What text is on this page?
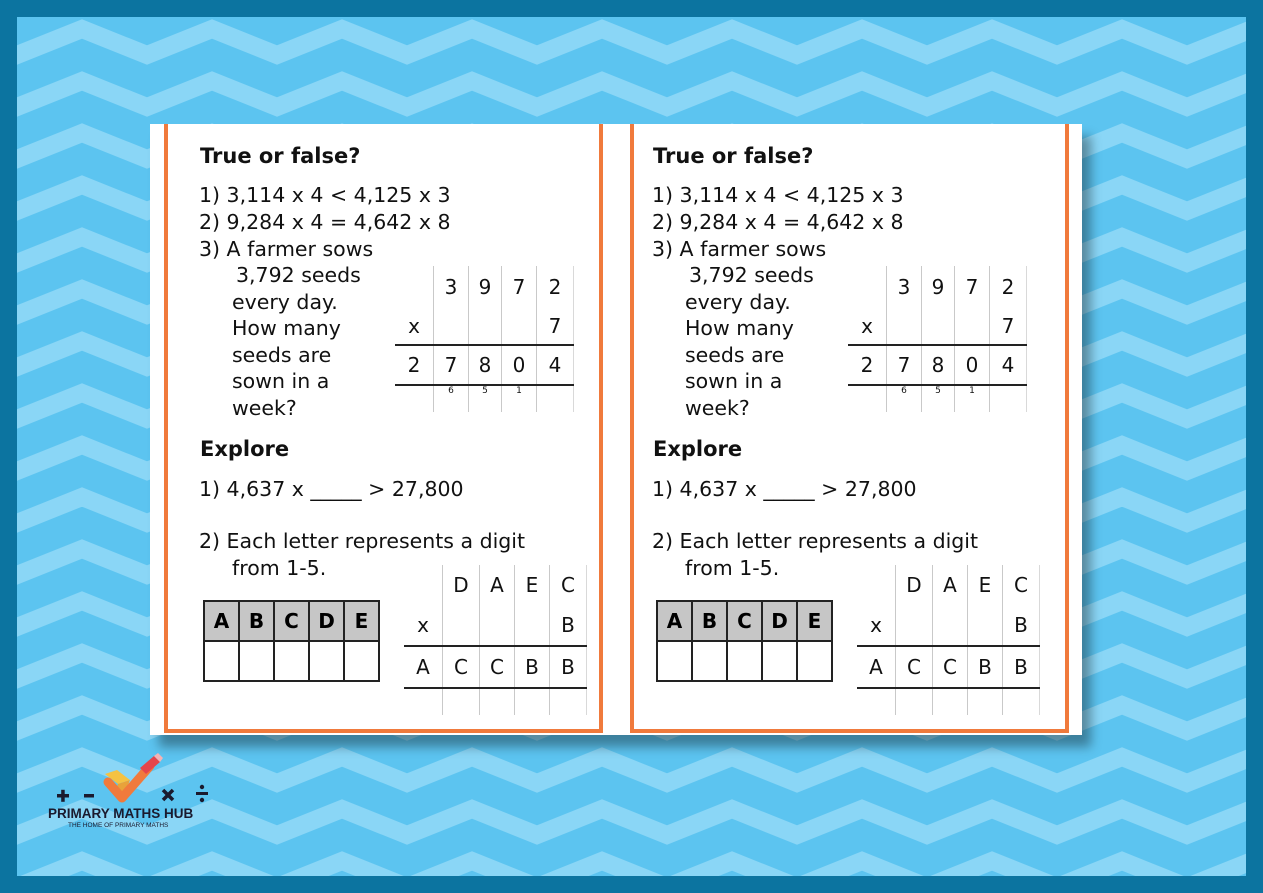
True or false?
1) 3,114 x 4 < 4,125 x 3
2) 9,284 x 4 = 4,642 x 8
3) A farmer sows
3,792 seeds
every day.
How many
seeds are
sown in a
week?
	3	9	7	2
x				7
2	7	8	0	4
	6	5	1	
Explore
1) 4,637 x _____ > 27,800
2) Each letter represents a digit
from 1-5.
A	B	C	D	E

	D	A	E	C
x				B
A	C	C	B	B

True or false?
1) 3,114 x 4 < 4,125 x 3
2) 9,284 x 4 = 4,642 x 8
3) A farmer sows
3,792 seeds
every day.
How many
seeds are
sown in a
week?
	3	9	7	2
x				7
2	7	8	0	4
	6	5	1	
Explore
1) 4,637 x _____ > 27,800
2) Each letter represents a digit
from 1-5.
A	B	C	D	E

	D	A	E	C
x				B
A	C	C	B	B

PRIMARY MATHS HUB
THE HOME OF PRIMARY MATHS
